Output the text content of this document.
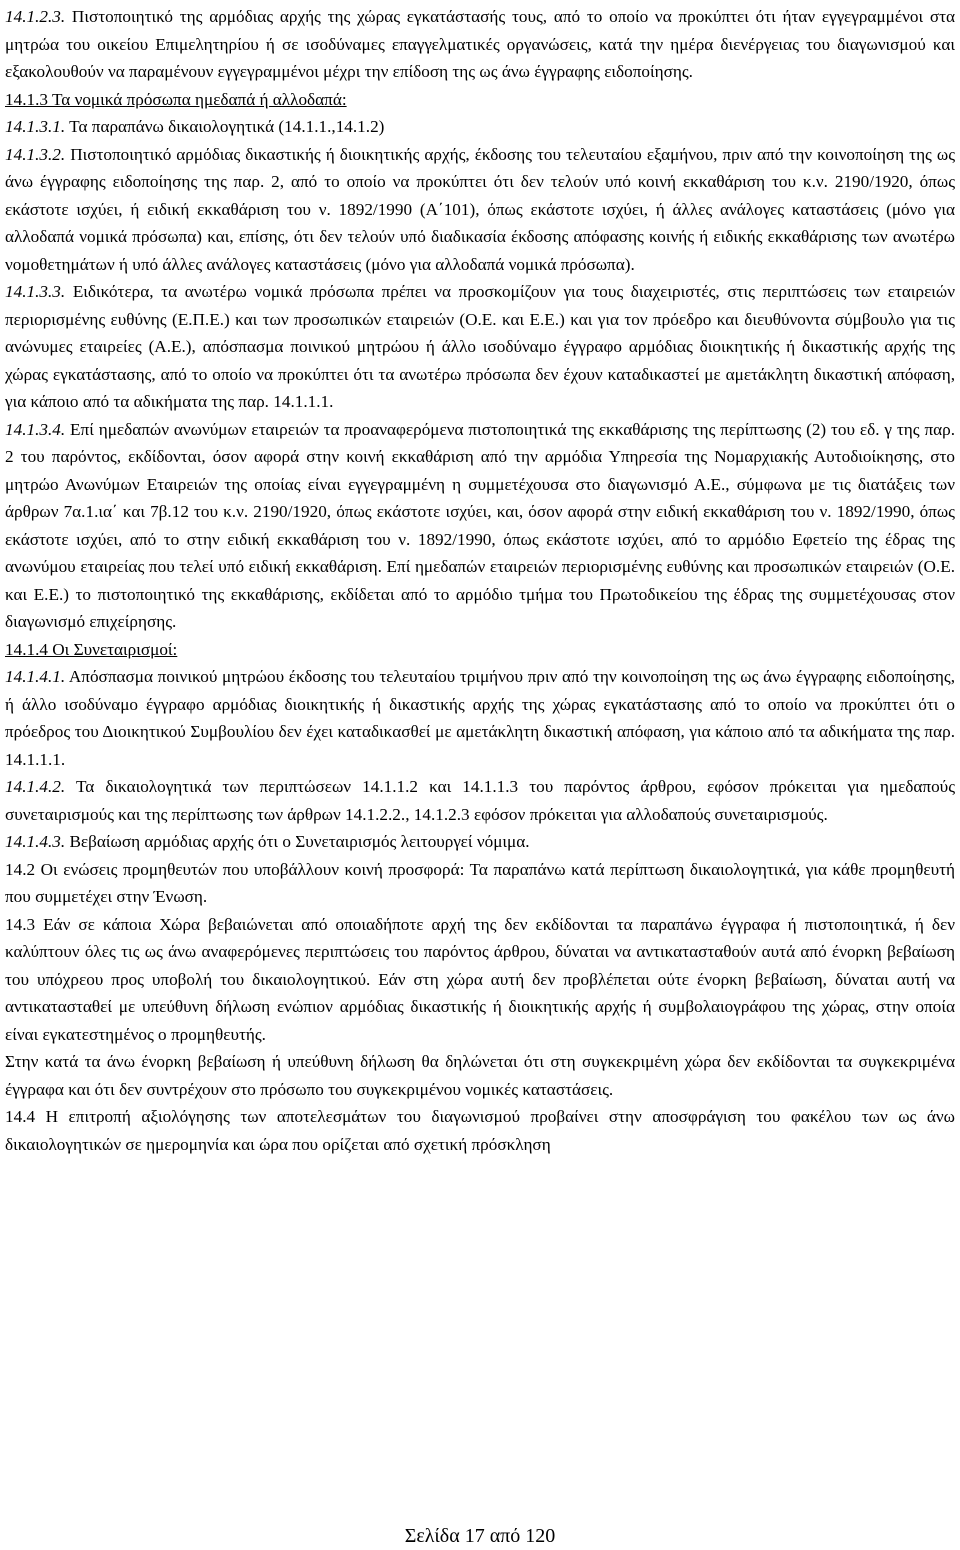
14.1.2.3. Πιστοποιητικό της αρμόδιας αρχής της χώρας εγκατάστασής τους, από το οποίο να προκύπτει ότι ήταν εγγεγραμμένοι στα μητρώα του οικείου Επιμελητηρίου ή σε ισοδύναμες επαγγελματικές οργανώσεις, κατά την ημέρα διενέργειας του διαγωνισμού και εξακολουθούν να παραμένουν εγγεγραμμένοι μέχρι την επίδοση της ως άνω έγγραφης ειδοποίησης.

14.1.3 Τα νομικά πρόσωπα ημεδαπά ή αλλοδαπά:

14.1.3.1. Τα παραπάνω δικαιολογητικά (14.1.1.,14.1.2)

14.1.3.2. Πιστοποιητικό αρμόδιας δικαστικής ή διοικητικής αρχής, έκδοσης του τελευταίου εξαμήνου, πριν από την κοινοποίηση της ως άνω έγγραφης ειδοποίησης της παρ. 2, από το οποίο να προκύπτει ότι δεν τελούν υπό κοινή εκκαθάριση του κ.ν. 2190/1920, όπως εκάστοτε ισχύει, ή ειδική εκκαθάριση του ν. 1892/1990 (Α΄101), όπως εκάστοτε ισχύει, ή άλλες ανάλογες καταστάσεις (μόνο για αλλοδαπά νομικά πρόσωπα) και, επίσης, ότι δεν τελούν υπό διαδικασία έκδοσης απόφασης κοινής ή ειδικής εκκαθάρισης των ανωτέρω νομοθετημάτων ή υπό άλλες ανάλογες καταστάσεις (μόνο για αλλοδαπά νομικά πρόσωπα).

14.1.3.3. Ειδικότερα, τα ανωτέρω νομικά πρόσωπα πρέπει να προσκομίζουν για τους διαχειριστές, στις περιπτώσεις των εταιρειών περιορισμένης ευθύνης (Ε.Π.Ε.) και των προσωπικών εταιρειών (Ο.Ε. και Ε.Ε.) και για τον πρόεδρο και διευθύνοντα σύμβουλο για τις ανώνυμες εταιρείες (Α.Ε.), απόσπασμα ποινικού μητρώου ή άλλο ισοδύναμο έγγραφο αρμόδιας διοικητικής ή δικαστικής αρχής της χώρας εγκατάστασης, από το οποίο να προκύπτει ότι τα ανωτέρω πρόσωπα δεν έχουν καταδικαστεί με αμετάκλητη δικαστική απόφαση, για κάποιο από τα αδικήματα της παρ. 14.1.1.1.

14.1.3.4. Επί ημεδαπών ανωνύμων εταιρειών τα προαναφερόμενα πιστοποιητικά της εκκαθάρισης της περίπτωσης (2) του εδ. γ της παρ. 2 του παρόντος, εκδίδονται, όσον αφορά στην κοινή εκκαθάριση από την αρμόδια Υπηρεσία της Νομαρχιακής Αυτοδιοίκησης, στο μητρώο Ανωνύμων Εταιρειών της οποίας είναι εγγεγραμμένη η συμμετέχουσα στο διαγωνισμό Α.Ε., σύμφωνα με τις διατάξεις των άρθρων 7α.1.ια΄ και 7β.12 του κ.ν. 2190/1920, όπως εκάστοτε ισχύει, και, όσον αφορά στην ειδική εκκαθάριση του ν. 1892/1990, όπως εκάστοτε ισχύει, από το στην ειδική εκκαθάριση του ν. 1892/1990, όπως εκάστοτε ισχύει, από το αρμόδιο Εφετείο της έδρας της ανωνύμου εταιρείας που τελεί υπό ειδική εκκαθάριση. Επί ημεδαπών εταιρειών περιορισμένης ευθύνης και προσωπικών εταιρειών (Ο.Ε. και Ε.Ε.) το πιστοποιητικό της εκκαθάρισης, εκδίδεται από το αρμόδιο τμήμα του Πρωτοδικείου της έδρας της συμμετέχουσας στον διαγωνισμό επιχείρησης.

14.1.4 Οι Συνεταιρισμοί:

14.1.4.1. Απόσπασμα ποινικού μητρώου έκδοσης του τελευταίου τριμήνου πριν από την κοινοποίηση της ως άνω έγγραφης ειδοποίησης, ή άλλο ισοδύναμο έγγραφο αρμόδιας διοικητικής ή δικαστικής αρχής της χώρας εγκατάστασης από το οποίο να προκύπτει ότι ο πρόεδρος του Διοικητικού Συμβουλίου δεν έχει καταδικασθεί με αμετάκλητη δικαστική απόφαση, για κάποιο από τα αδικήματα της παρ. 14.1.1.1.

14.1.4.2. Τα δικαιολογητικά των περιπτώσεων 14.1.1.2 και 14.1.1.3 του παρόντος άρθρου, εφόσον πρόκειται για ημεδαπούς συνεταιρισμούς και της περίπτωσης των άρθρων 14.1.2.2., 14.1.2.3 εφόσον πρόκειται για αλλοδαπούς συνεταιρισμούς.

14.1.4.3. Βεβαίωση αρμόδιας αρχής ότι ο Συνεταιρισμός λειτουργεί νόμιμα.

14.2 Οι ενώσεις προμηθευτών που υποβάλλουν κοινή προσφορά: Τα παραπάνω κατά περίπτωση δικαιολογητικά, για κάθε προμηθευτή που συμμετέχει στην Ένωση.

14.3 Εάν σε κάποια Χώρα βεβαιώνεται από οποιαδήποτε αρχή της δεν εκδίδονται τα παραπάνω έγγραφα ή πιστοποιητικά, ή δεν καλύπτουν όλες τις ως άνω αναφερόμενες περιπτώσεις του παρόντος άρθρου, δύναται να αντικατασταθούν αυτά από ένορκη βεβαίωση του υπόχρεου προς υποβολή του δικαιολογητικού. Εάν στη χώρα αυτή δεν προβλέπεται ούτε ένορκη βεβαίωση, δύναται αυτή να αντικατασταθεί με υπεύθυνη δήλωση ενώπιον αρμόδιας δικαστικής ή διοικητικής αρχής ή συμβολαιογράφου της χώρας, στην οποία είναι εγκατεστημένος ο προμηθευτής.

Στην κατά τα άνω ένορκη βεβαίωση ή υπεύθυνη δήλωση θα δηλώνεται ότι στη συγκεκριμένη χώρα δεν εκδίδονται τα συγκεκριμένα έγγραφα και ότι δεν συντρέχουν στο πρόσωπο του συγκεκριμένου νομικές καταστάσεις.

14.4 Η επιτροπή αξιολόγησης των αποτελεσμάτων του διαγωνισμού προβαίνει στην αποσφράγιση του φακέλου των ως άνω δικαιολογητικών σε ημερομηνία και ώρα που ορίζεται από σχετική πρόσκληση

Σελίδα 17 από 120
